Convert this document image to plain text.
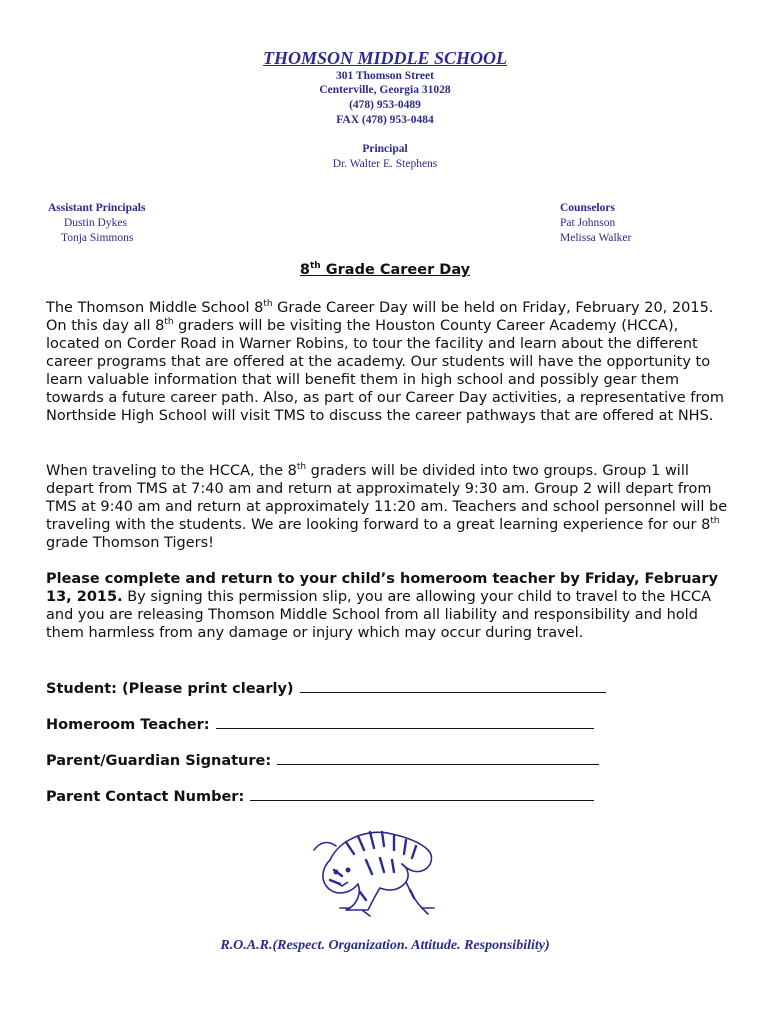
THOMSON MIDDLE SCHOOL
301 Thomson Street
Centerville, Georgia 31028
(478) 953-0489
FAX (478) 953-0484
Principal
Dr. Walter E. Stephens
Assistant Principals
Dustin Dykes
Tonja Simmons
Counselors
Pat Johnson
Melissa Walker
8th Grade Career Day
The Thomson Middle School 8th Grade Career Day will be held on Friday, February 20, 2015. On this day all 8th graders will be visiting the Houston County Career Academy (HCCA), located on Corder Road in Warner Robins, to tour the facility and learn about the different career programs that are offered at the academy. Our students will have the opportunity to learn valuable information that will benefit them in high school and possibly gear them towards a future career path. Also, as part of our Career Day activities, a representative from Northside High School will visit TMS to discuss the career pathways that are offered at NHS.
When traveling to the HCCA, the 8th graders will be divided into two groups. Group 1 will depart from TMS at 7:40 am and return at approximately 9:30 am. Group 2 will depart from TMS at 9:40 am and return at approximately 11:20 am. Teachers and school personnel will be traveling with the students. We are looking forward to a great learning experience for our 8th grade Thomson Tigers!
Please complete and return to your child’s homeroom teacher by Friday, February 13, 2015. By signing this permission slip, you are allowing your child to travel to the HCCA and you are releasing Thomson Middle School from all liability and responsibility and hold them harmless from any damage or injury which may occur during travel.
Student: (Please print clearly)
Homeroom Teacher:
Parent/Guardian Signature:
Parent Contact Number:
R.O.A.R.(Respect. Organization. Attitude. Responsibility)
